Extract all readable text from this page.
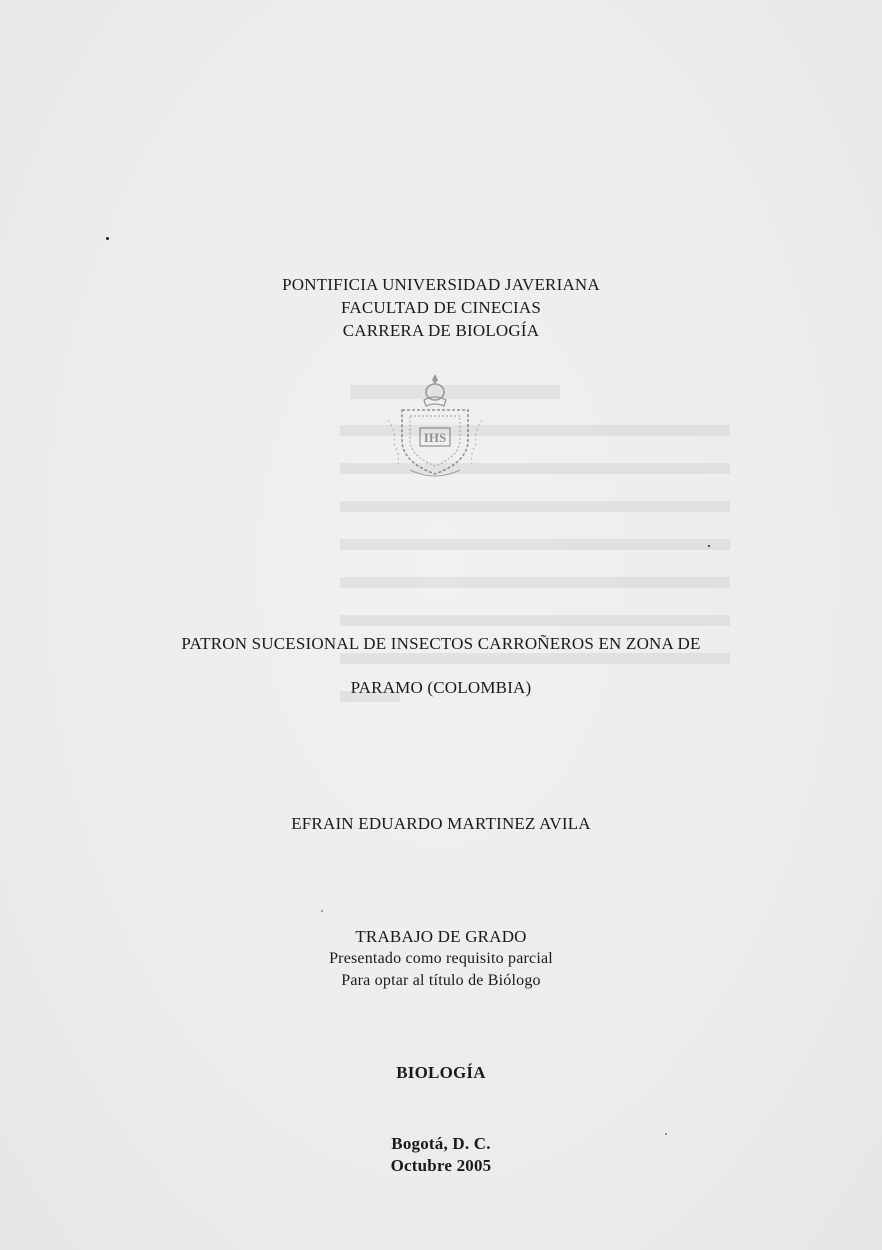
PONTIFICIA UNIVERSIDAD JAVERIANA
FACULTAD DE CINECIAS
CARRERA DE BIOLOGÍA
IHS
PATRON SUCESIONAL DE INSECTOS CARROÑEROS EN ZONA DE
PARAMO (COLOMBIA)
EFRAIN EDUARDO MARTINEZ AVILA
TRABAJO DE GRADO
Presentado como requisito parcial
Para optar al título de Biólogo
BIOLOGÍA
Bogotá, D. C.
Octubre 2005
